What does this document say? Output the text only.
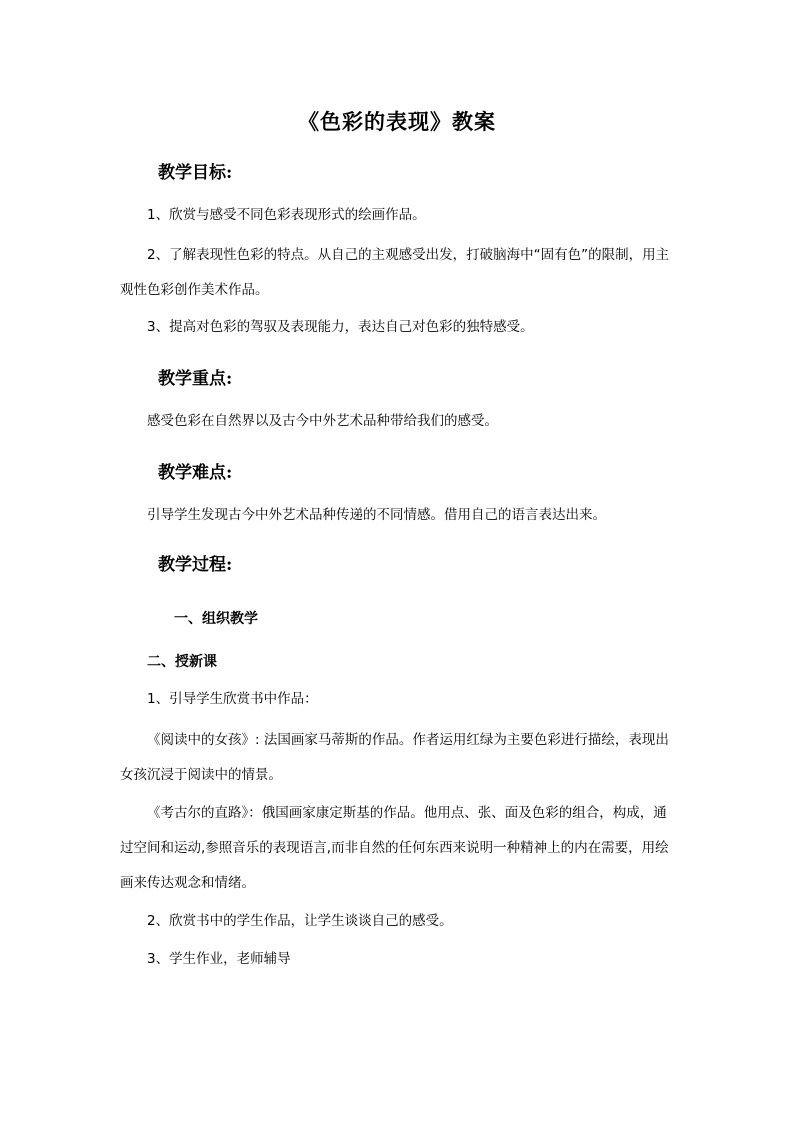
《色彩的表现》教案
教学目标:
1、欣赏与感受不同色彩表现形式的绘画作品。
2、了解表现性色彩的特点。从自己的主观感受出发，打破脑海中“固有色”的限制，用主观性色彩创作美术作品。
3、提高对色彩的驾驭及表现能力，表达自己对色彩的独特感受。
教学重点:
感受色彩在自然界以及古今中外艺术品种带给我们的感受。
教学难点:
引导学生发现古今中外艺术品种传递的不同情感。借用自己的语言表达出来。
教学过程:
一、组织教学
二、授新课
1、引导学生欣赏书中作品：
《阅读中的女孩》: 法国画家马蒂斯的作品。作者运用红绿为主要色彩进行描绘，表现出女孩沉浸于阅读中的情景。
《考古尔的直路》：俄国画家康定斯基的作品。他用点、张、面及色彩的组合，构成，通过空间和运动,参照音乐的表现语言,而非自然的任何东西来说明一种精神上的内在需要，用绘画来传达观念和情绪。
2、欣赏书中的学生作品，让学生谈谈自己的感受。
3、学生作业，老师辅导
